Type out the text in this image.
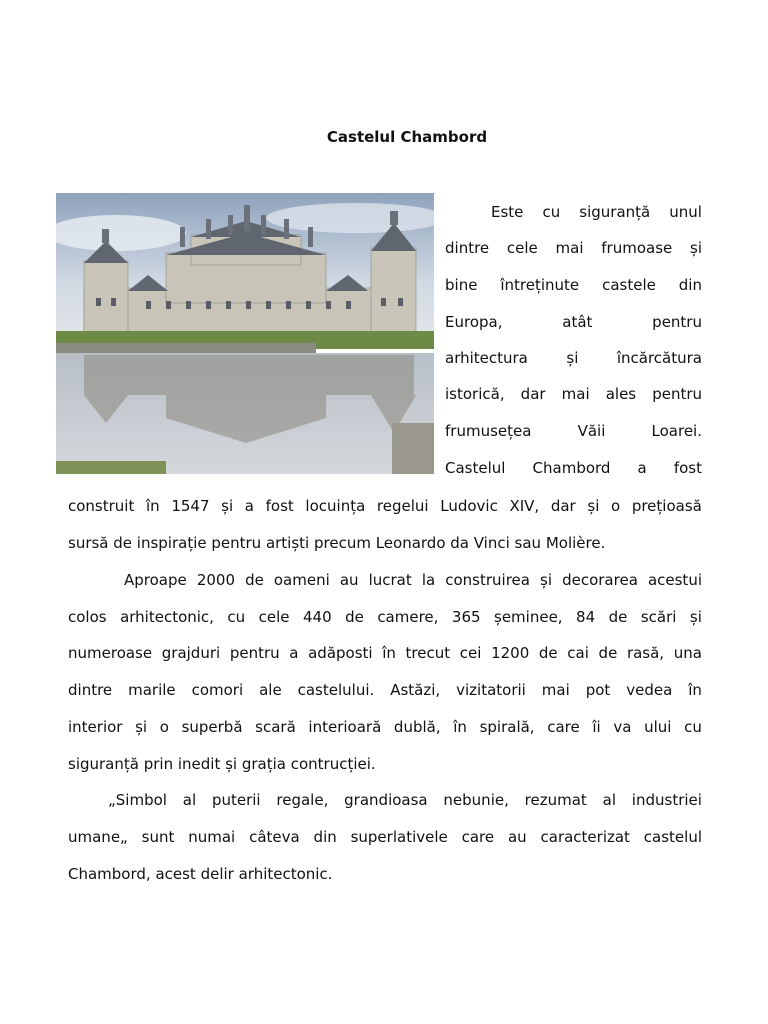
Castelul Chambord
Este cu siguranță unul
dintre cele mai frumoase și
bine întreținute castele din
Europa,	atât	pentru
arhitectura	și	încărcătura
istorică, dar mai ales pentru
frumusețea	Văii	Loarei.
Castelul Chambord a fost
construit în 1547 și a fost locuința regelui Ludovic XIV, dar și o prețioasă
sursă de inspirație pentru artiști precum Leonardo da Vinci sau Molière.
Aproape 2000 de oameni au lucrat la construirea și decorarea acestui
colos arhitectonic, cu cele 440 de camere, 365 șeminee, 84 de scări și
numeroase grajduri pentru a adăposti în trecut cei 1200 de cai de rasă, una
dintre marile comori ale castelului. Astăzi, vizitatorii mai pot vedea în
interior și o superbă scară interioară dublă, în spirală, care îi va ului cu
siguranță prin inedit și grația contrucției.
„Simbol al puterii regale, grandioasa nebunie, rezumat al industriei
umane„ sunt numai câteva din superlativele care au caracterizat castelul
Chambord, acest delir arhitectonic.
